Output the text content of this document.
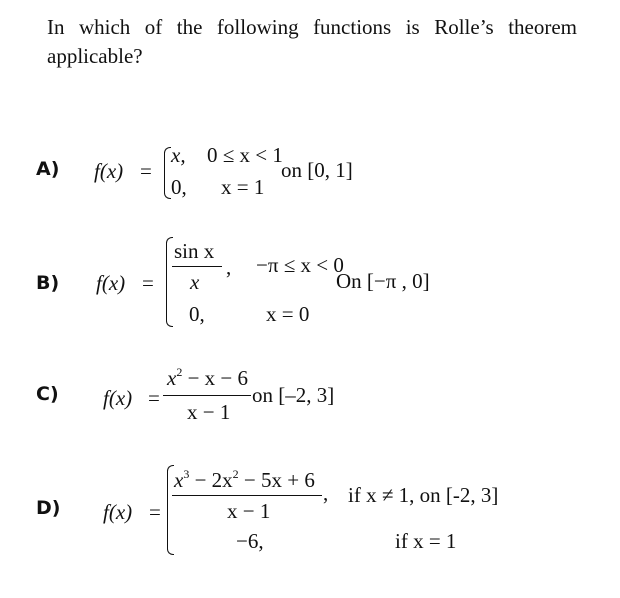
In which of the following functions is Rolle’s theorem applicable?
A) f(x) =
x, 0 ≤ x < 1
0, x = 1
on [0, 1]
B) f(x) =
sin x
x
, −π ≤ x < 0
0,	x = 0
On [−π , 0]
C) f(x) =
$x^2 - x - 6$
x − 1
on [–2, 3]
D) f(x) =
$x^3 - 2x^2 - 5x + 6$
x − 1
, if x ≠ 1, on [-2, 3]
−6,	if x = 1
